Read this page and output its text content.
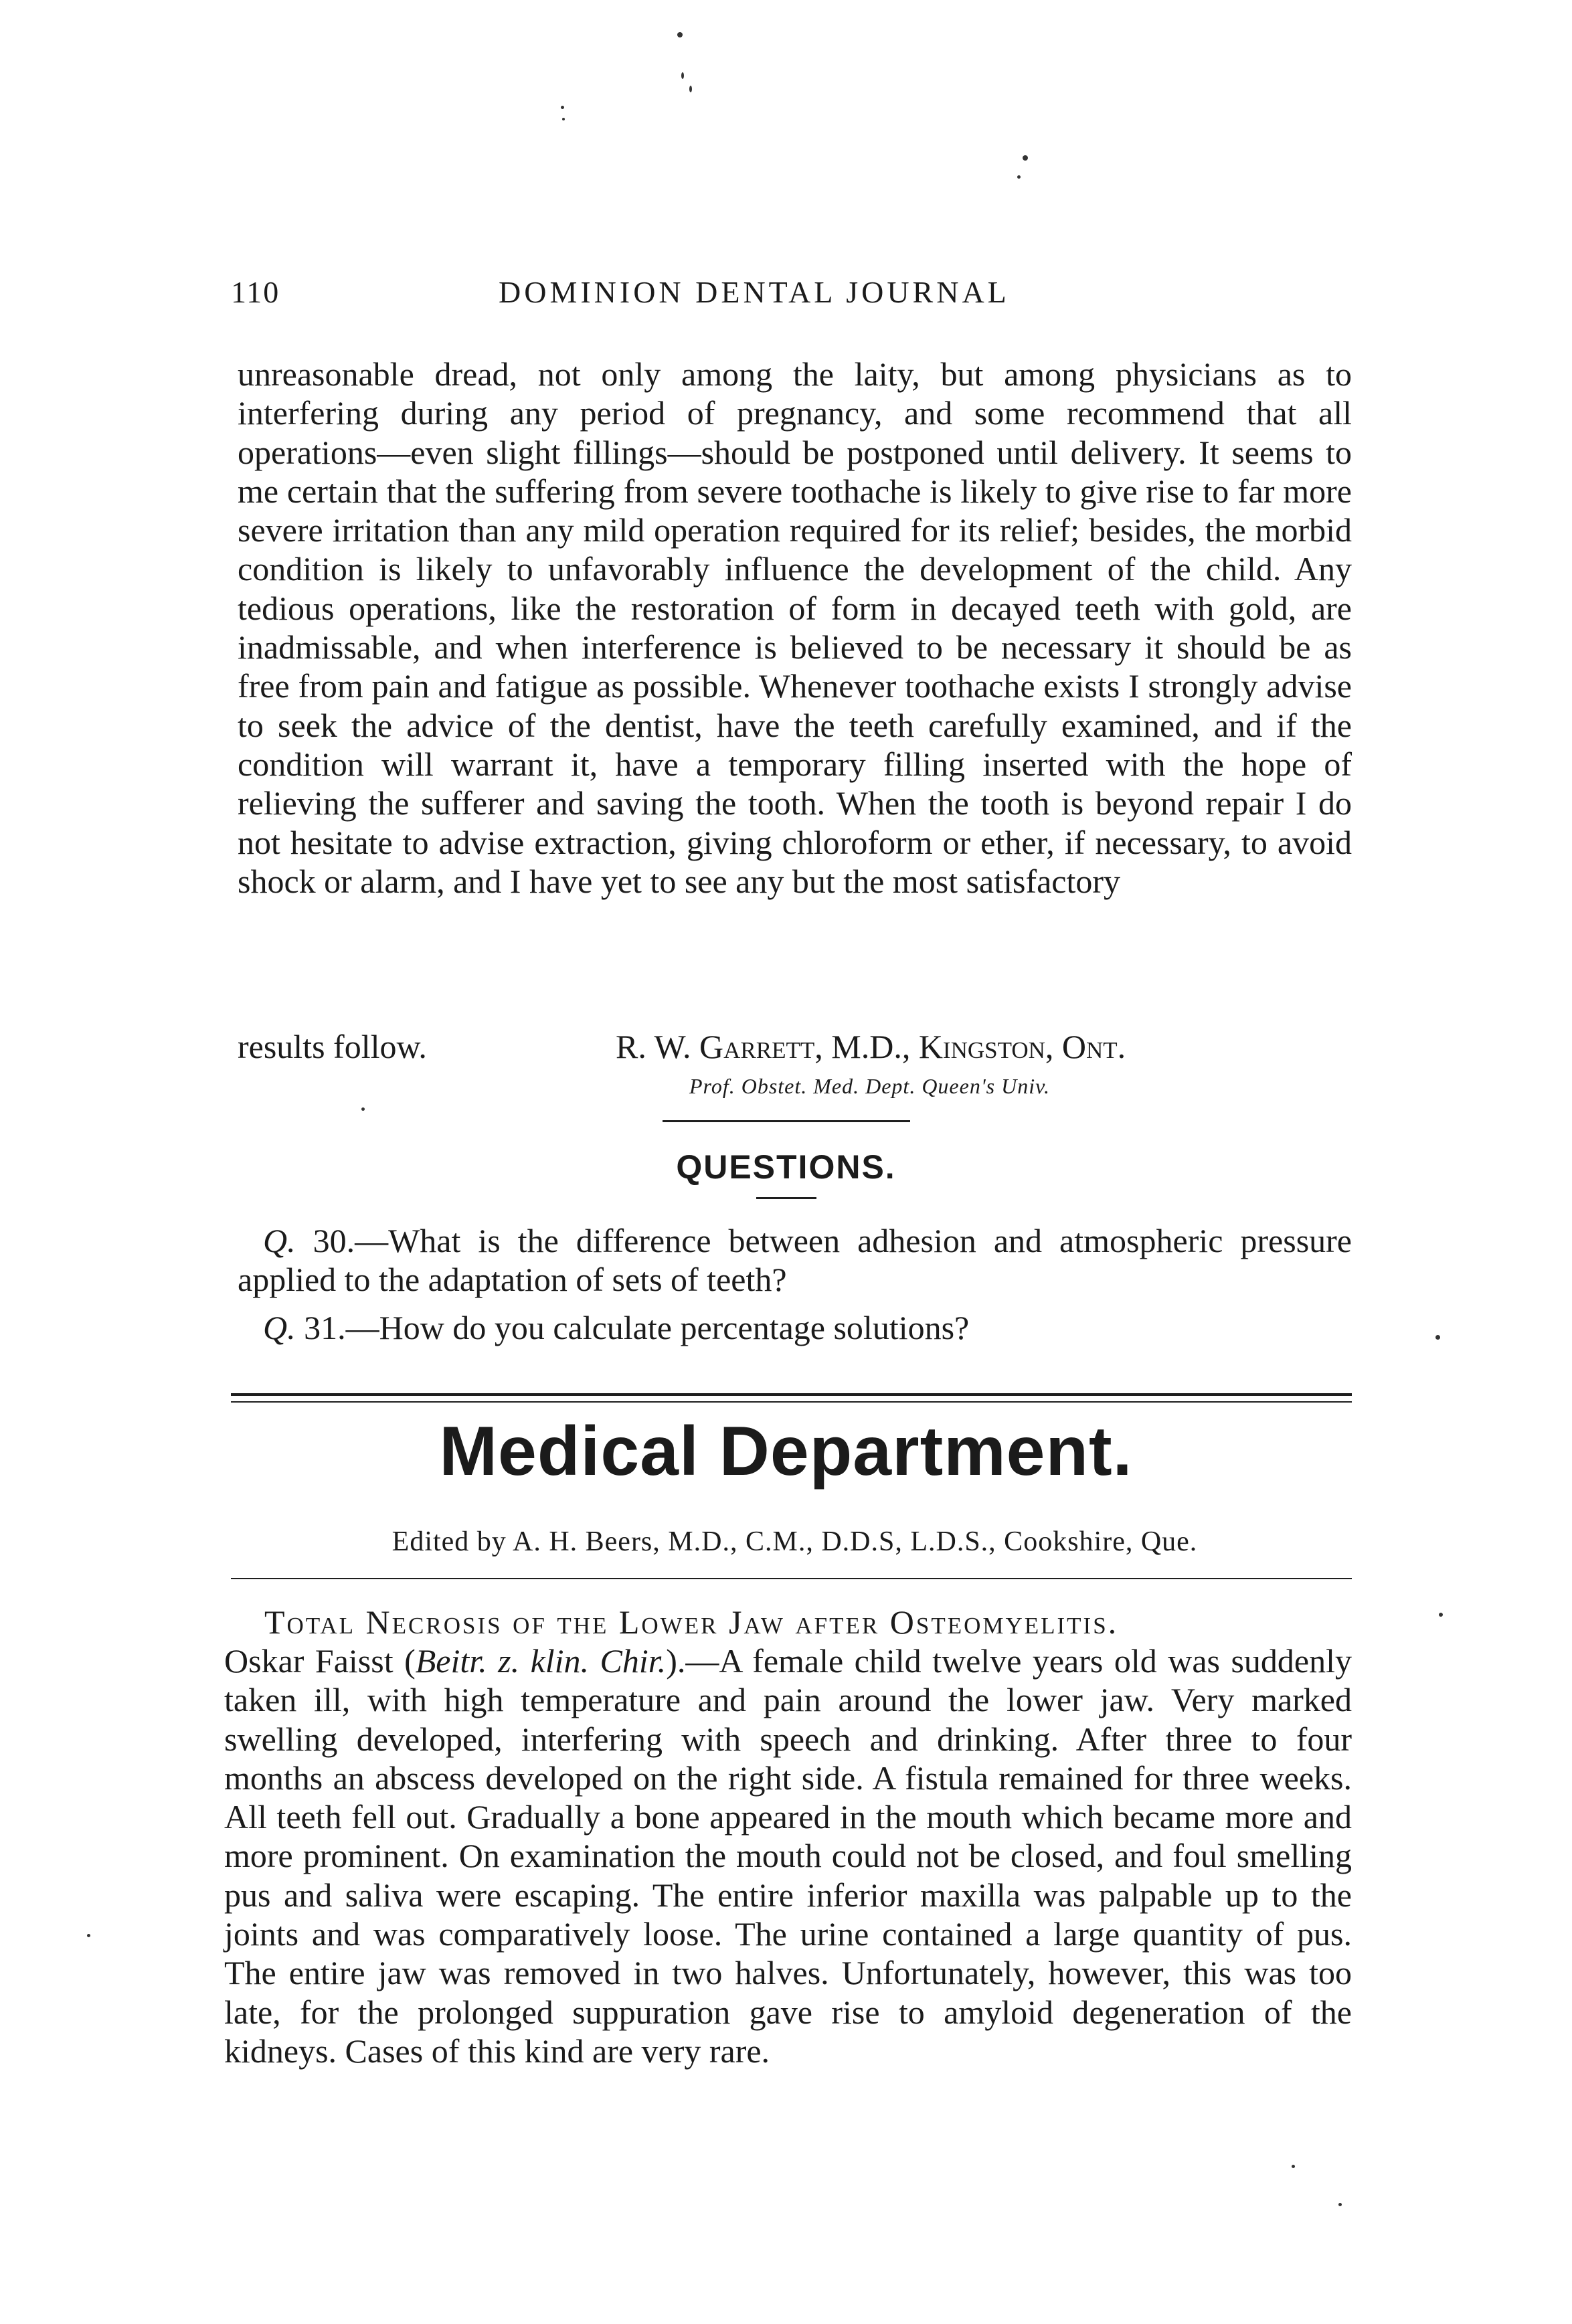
110	DOMINION DENTAL JOURNAL

unreasonable dread, not only among the laity, but among physicians as to interfering during any period of pregnancy, and some recommend that all operations—even slight fillings—should be postponed until delivery. It seems to me certain that the suffering from severe toothache is likely to give rise to far more severe irritation than any mild operation required for its relief; besides, the morbid condition is likely to unfavorably influence the development of the child. Any tedious operations, like the restoration of form in decayed teeth with gold, are inadmissable, and when interference is believed to be necessary it should be as free from pain and fatigue as possible. Whenever toothache exists I strongly advise to seek the advice of the dentist, have the teeth carefully examined, and if the condition will warrant it, have a temporary filling inserted with the hope of relieving the sufferer and saving the tooth. When the tooth is beyond repair I do not hesitate to advise extraction, giving chloroform or ether, if necessary, to avoid shock or alarm, and I have yet to see any but the most satisfactory

results follow.	R. W. Garrett, M.D., Kingston, Ont.
Prof. Obstet. Med. Dept. Queen's Univ.
QUESTIONS.

Q. 30.—What is the difference between adhesion and atmospheric pressure applied to the adaptation of sets of teeth?

Q. 31.—How do you calculate percentage solutions?

Medical Department.
Edited by A. H. Beers, M.D., C.M., D.D.S, L.D.S., Cookshire, Que.
Total Necrosis of the Lower Jaw after Osteomyelitis.

Oskar Faisst (Beitr. z. klin. Chir.).—A female child twelve years old was suddenly taken ill, with high temperature and pain around the lower jaw. Very marked swelling developed, interfering with speech and drinking. After three to four months an abscess developed on the right side. A fistula remained for three weeks. All teeth fell out. Gradually a bone appeared in the mouth which became more and more prominent. On examination the mouth could not be closed, and foul smelling pus and saliva were escaping. The entire inferior maxilla was palpable up to the joints and was comparatively loose. The urine contained a large quantity of pus. The entire jaw was removed in two halves. Unfortunately, however, this was too late, for the prolonged suppuration gave rise to amyloid degeneration of the kidneys. Cases of this kind are very rare.
